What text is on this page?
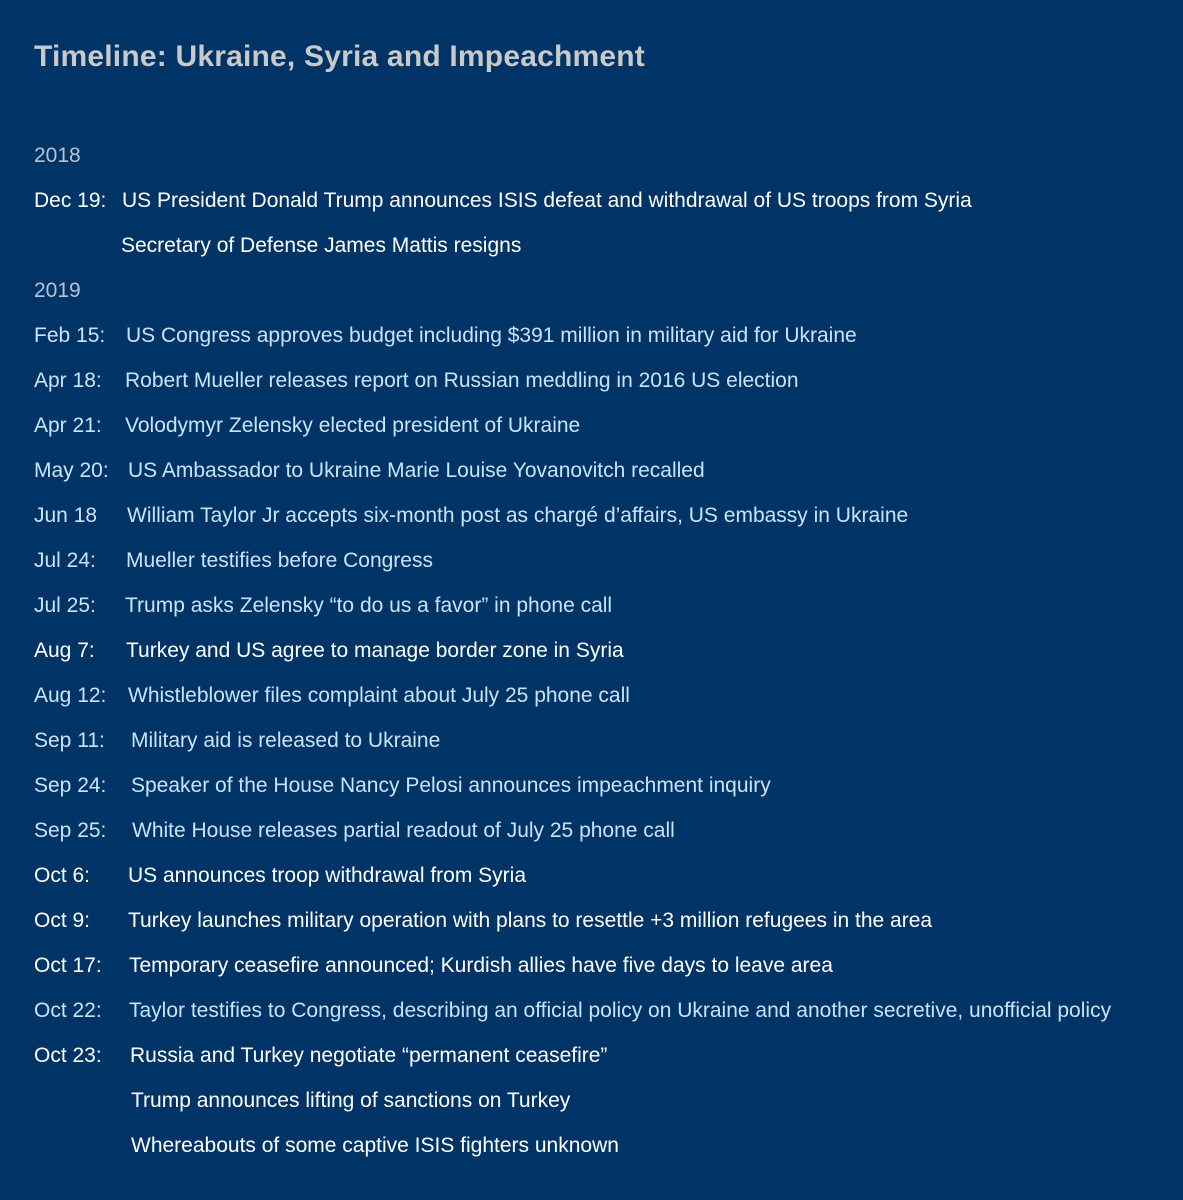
Timeline: Ukraine, Syria and Impeachment
2018
Dec 19: US President Donald Trump announces ISIS defeat and withdrawal of US troops from Syria
Secretary of Defense James Mattis resigns
2019
Feb 15: US Congress approves budget including $391 million in military aid for Ukraine
Apr 18: Robert Mueller releases report on Russian meddling in 2016 US election
Apr 21: Volodymyr Zelensky elected president of Ukraine
May 20: US Ambassador to Ukraine Marie Louise Yovanovitch recalled
Jun 18 William Taylor Jr accepts six-month post as chargé d’affairs, US embassy in Ukraine
Jul 24: Mueller testifies before Congress
Jul 25: Trump asks Zelensky “to do us a favor” in phone call
Aug 7: Turkey and US agree to manage border zone in Syria
Aug 12: Whistleblower files complaint about July 25 phone call
Sep 11: Military aid is released to Ukraine
Sep 24: Speaker of the House Nancy Pelosi announces impeachment inquiry
Sep 25: White House releases partial readout of July 25 phone call
Oct 6: US announces troop withdrawal from Syria
Oct 9: Turkey launches military operation with plans to resettle +3 million refugees in the area
Oct 17: Temporary ceasefire announced; Kurdish allies have five days to leave area
Oct 22: Taylor testifies to Congress, describing an official policy on Ukraine and another secretive, unofficial policy
Oct 23: Russia and Turkey negotiate “permanent ceasefire”
Trump announces lifting of sanctions on Turkey
Whereabouts of some captive ISIS fighters unknown
